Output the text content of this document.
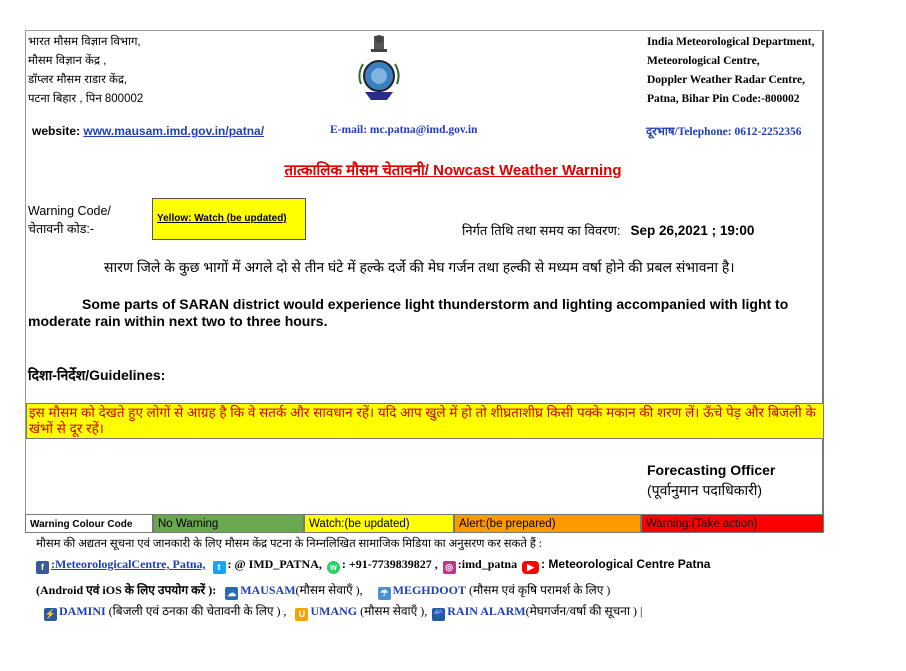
भारत मौसम विज्ञान विभाग,
मौसम विज्ञान केंद्र ,
डॉप्लर मौसम राडार केंद्र,
पटना बिहार , पिन 800002
India Meteorological Department,
Meteorological Centre,
Doppler Weather Radar Centre,
Patna, Bihar Pin Code:-800002
website: www.mausam.imd.gov.in/patna/	E-mail: mc.patna@imd.gov.in	दूरभाष/Telephone: 0612-2252356
तात्कालिक मौसम चेतावनी/ Nowcast Weather Warning
Warning Code/
चेतावनी कोड:-
Yellow: Watch (be updated)
निर्गत तिथि तथा समय का विवरण: Sep 26,2021 ; 19:00
सारण जिले के कुछ भागों में अगले दो से तीन घंटे में हल्के दर्जे की मेघ गर्जन तथा हल्की से मध्यम वर्षा होने की प्रबल संभावना है।
Some parts of SARAN district would experience light thunderstorm and lighting accompanied with light to moderate rain within next two to three hours.
दिशा-निर्देश/Guidelines:
इस मौसम को देखते हुए लोगों से आग्रह है कि वे सतर्क और सावधान रहें। यदि आप खुले में हो तो शीघ्रताशीघ्र किसी पक्के मकान की शरण लें। ऊँचे पेड़ और बिजली के खंभों से दूर रहें।
Forecasting Officer
(पूर्वानुमान पदाधिकारी)
Warning Colour Code	No Warning	Watch:(be updated)	Alert:(be prepared)	Warning:(Take action)
मौसम की अद्यतन सूचना एवं जानकारी के लिए मौसम केंद्र पटना के निम्नलिखित सामाजिक मिडिया का अनुसरण कर सकते हैं :
f :MeteorologicalCentre, Patna, t : @ IMD_PATNA, w : +91-7739839827 , ◎ :imd_patna ▶ : Meteorological Centre Patna
(Android एवं iOS के लिए उपयोग करें ): ☁ MAUSAM(मौसम सेवाएँ ), ☂ MEGHDOOT (मौसम एवं कृषि परामर्श के लिए )
⚡ DAMINI (बिजली एवं ठनका की चेतावनी के लिए ) , U UMANG (मौसम सेवाएँ ), ☔ RAIN ALARM(मेघगर्जन/वर्षा की सूचना ) |
